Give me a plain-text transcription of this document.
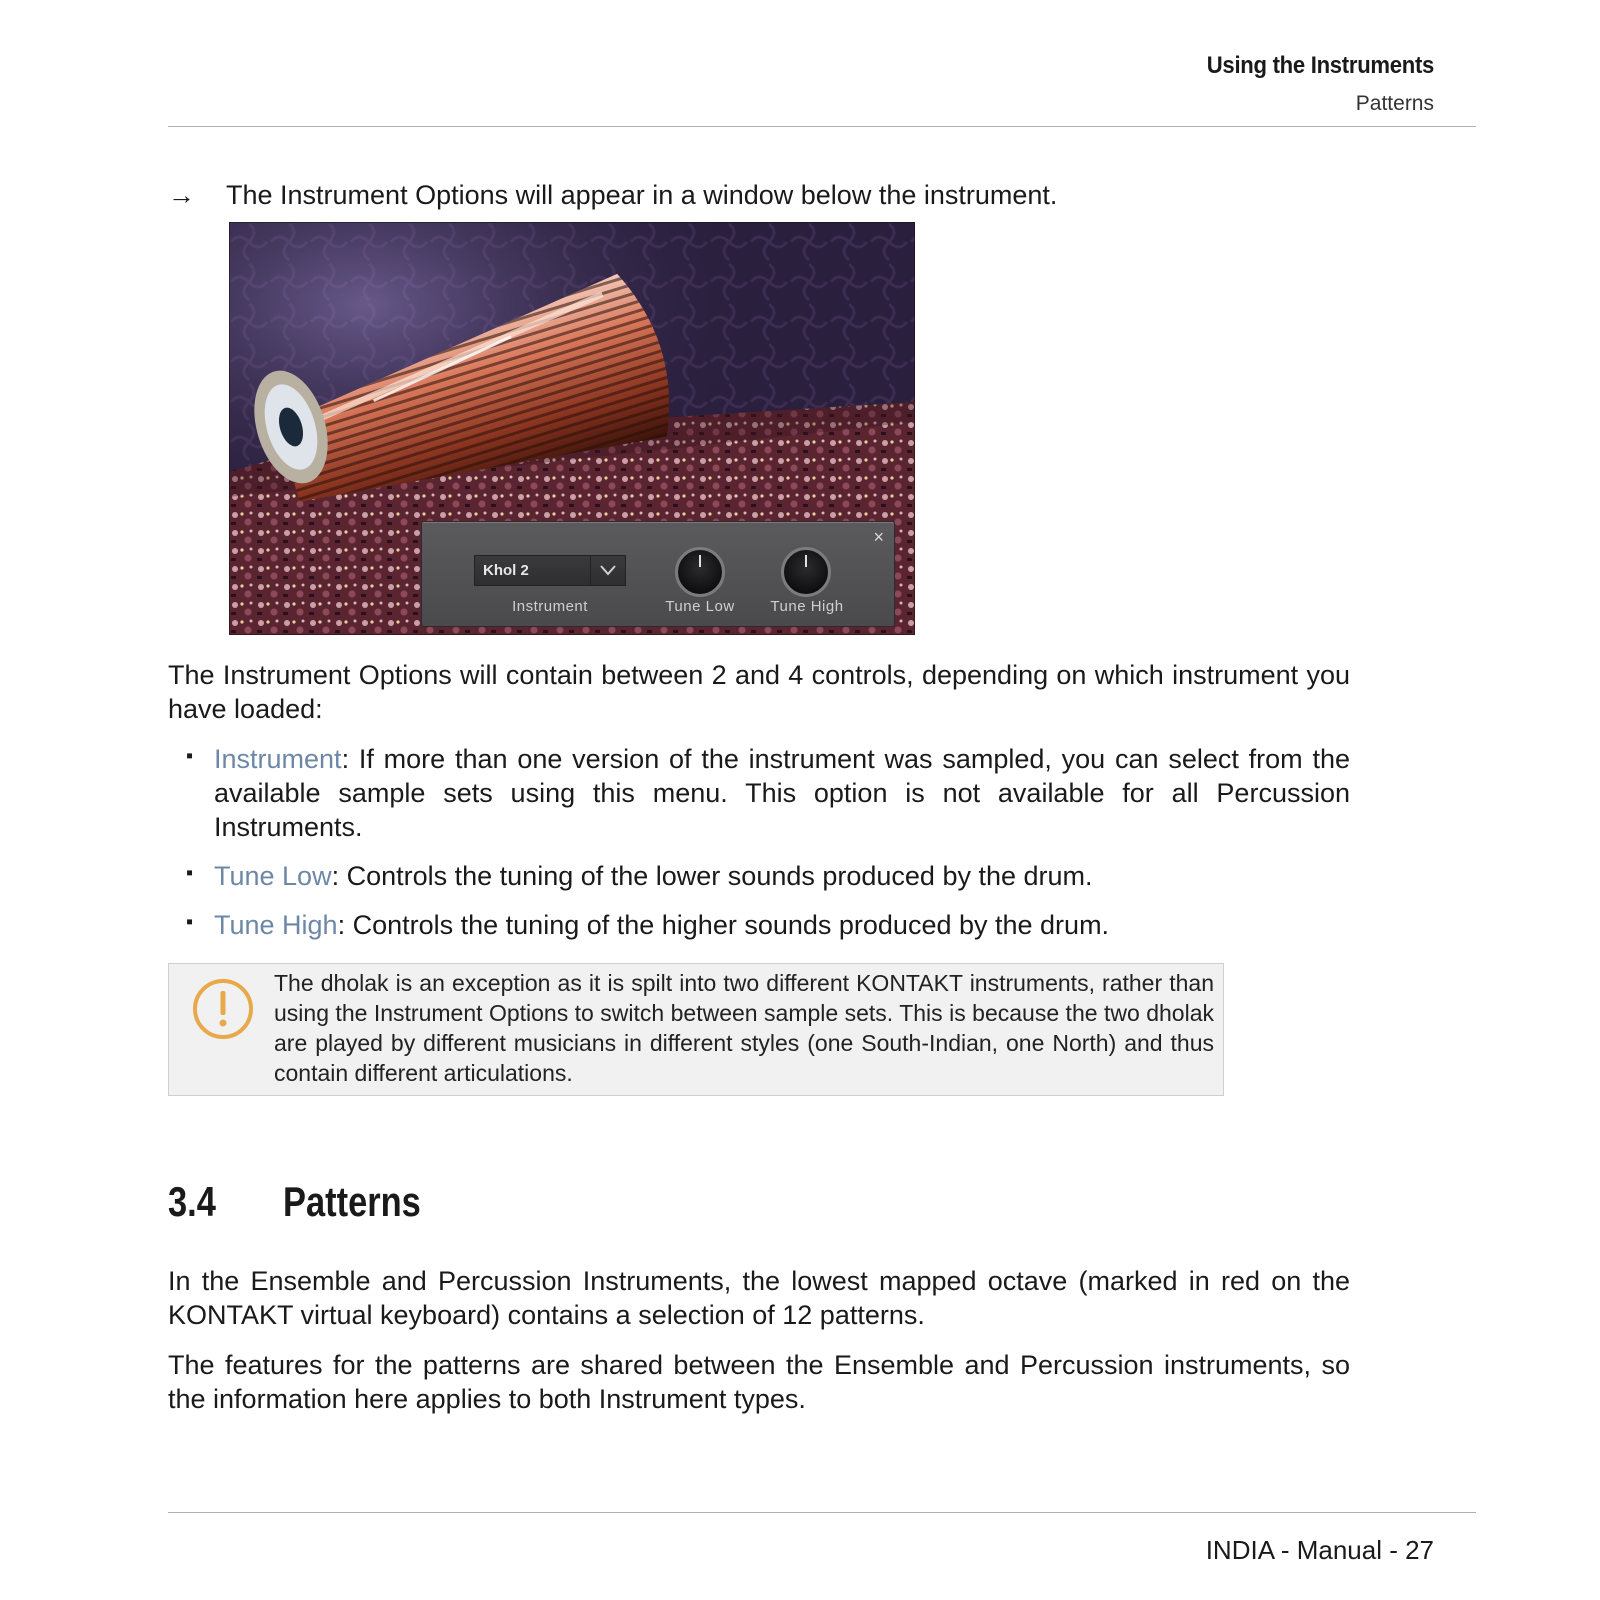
Using the Instruments
Patterns
→ The Instrument Options will appear in a window below the instrument.
×
Khol 2
Instrument	Tune Low	Tune High
The Instrument Options will contain between 2 and 4 controls, depending on which instrument you have loaded:
▪ Instrument: If more than one version of the instrument was sampled, you can select from the available sample sets using this menu. This option is not available for all Percussion Instruments.
▪ Tune Low: Controls the tuning of the lower sounds produced by the drum.
▪ Tune High: Controls the tuning of the higher sounds produced by the drum.
The dholak is an exception as it is spilt into two different KONTAKT instruments, rather than using the Instrument Options to switch between sample sets. This is because the two dholak are played by different musicians in different styles (one South-Indian, one North) and thus contain different articulations.
3.4 Patterns
In the Ensemble and Percussion Instruments, the lowest mapped octave (marked in red on the KONTAKT virtual keyboard) contains a selection of 12 patterns.
The features for the patterns are shared between the Ensemble and Percussion instruments, so the information here applies to both Instrument types.
INDIA - Manual - 27
